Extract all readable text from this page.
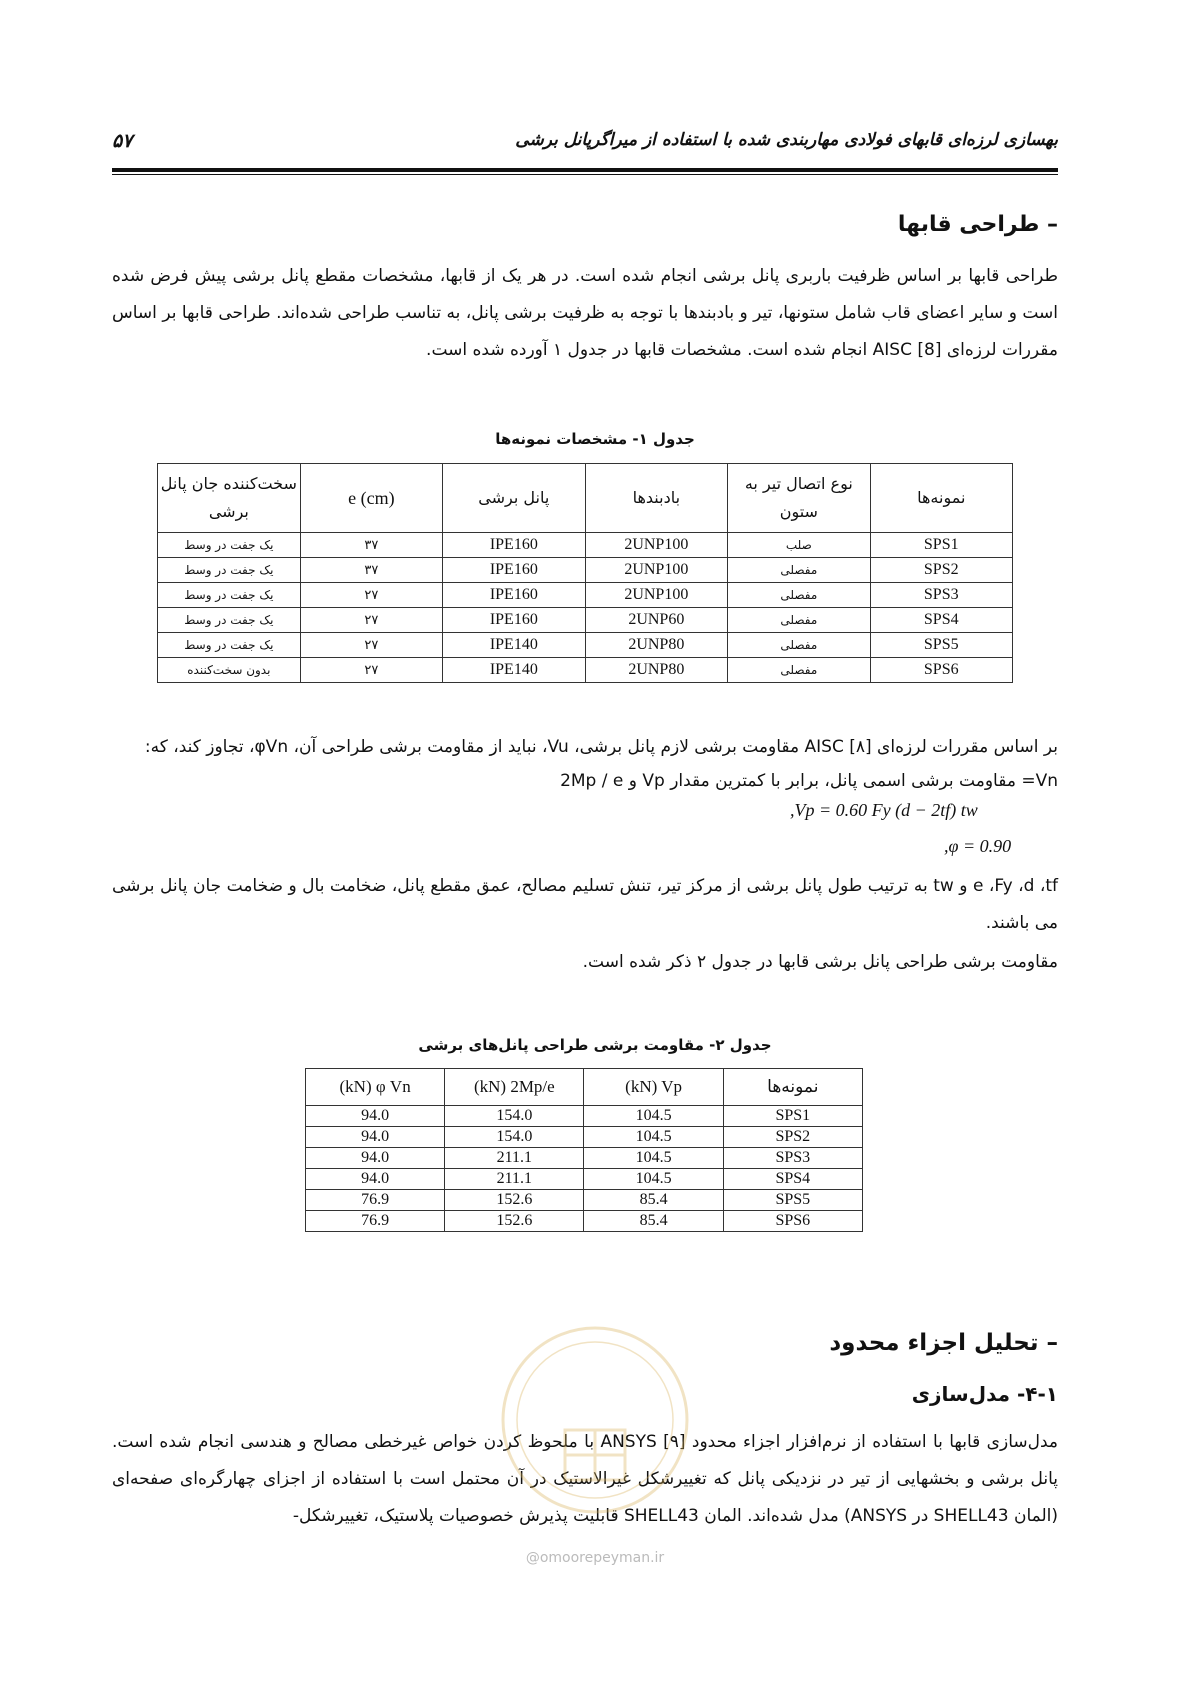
۵۷	بهسازی لرزه‌ای قابهای فولادی مهاربندی شده با استفاده از میراگرپانل برشی
– طراحی قابها
طراحی قابها بر اساس ظرفیت باربری پانل برشی انجام شده است. در هر یک از قابها، مشخصات مقطع پانل برشی پیش فرض شده است و سایر اعضای قاب شامل ستونها، تیر و بادبندها با توجه به ظرفیت برشی پانل، به تناسب طراحی شده‌اند. طراحی قابها بر اساس مقررات لرزه‌ای AISC [8] انجام شده است. مشخصات قابها در جدول ۱ آورده شده است.
جدول ۱- مشخصات نمونه‌ها
نمونه‌ها	نوع اتصال تیر به ستون	بادبندها	پانل برشی	e (cm)	سخت‌کننده جان پانل برشی
SPS1	صلب	2UNP100	IPE160	۳۷	یک جفت در وسط
SPS2	مفصلی	2UNP100	IPE160	۳۷	یک جفت در وسط
SPS3	مفصلی	2UNP100	IPE160	۲۷	یک جفت در وسط
SPS4	مفصلی	2UNP60	IPE160	۲۷	یک جفت در وسط
SPS5	مفصلی	2UNP80	IPE140	۲۷	یک جفت در وسط
SPS6	مفصلی	2UNP80	IPE140	۲۷	بدون سخت‌کننده
بر اساس مقررات لرزه‌ای AISC [۸] مقاومت برشی لازم پانل برشی، Vu، نباید از مقاومت برشی طراحی آن، φVn، تجاوز کند، که:
Vn= مقاومت برشی اسمی پانل، برابر با کمترین مقدار Vp و 2Mp / e
,Vp = 0.60 Fy (d − 2tf) tw
,φ = 0.90
e ،Fy ،d ،tf و tw به ترتیب طول پانل برشی از مرکز تیر، تنش تسلیم مصالح، عمق مقطع پانل، ضخامت بال و ضخامت جان پانل برشی می باشند.
مقاومت برشی طراحی پانل برشی قابها در جدول ۲ ذکر شده است.
جدول ۲- مقاومت برشی طراحی پانل‌های برشی
نمونه‌ها	(kN) Vp	(kN) 2Mp/e	(kN) φ Vn
SPS1	104.5	154.0	94.0
SPS2	104.5	154.0	94.0
SPS3	104.5	211.1	94.0
SPS4	104.5	211.1	94.0
SPS5	85.4	152.6	76.9
SPS6	85.4	152.6	76.9
– تحلیل اجزاء محدود
۴-۱- مدل‌سازی
مدل‌سازی قابها با استفاده از نرم‌افزار اجزاء محدود ANSYS [۹] با ملحوظ کردن خواص غیرخطی مصالح و هندسی انجام شده است. پانل برشی و بخشهایی از تیر در نزدیکی پانل که تغییرشکل غیرالاستیک در آن محتمل است با استفاده از اجزای چهارگره‌ای صفحه‌ای (المان SHELL43 در ANSYS) مدل شده‌اند. المان SHELL43 قابلیت پذیرش خصوصیات پلاستیک، تغییرشکل-
@omoorepeyman.ir
